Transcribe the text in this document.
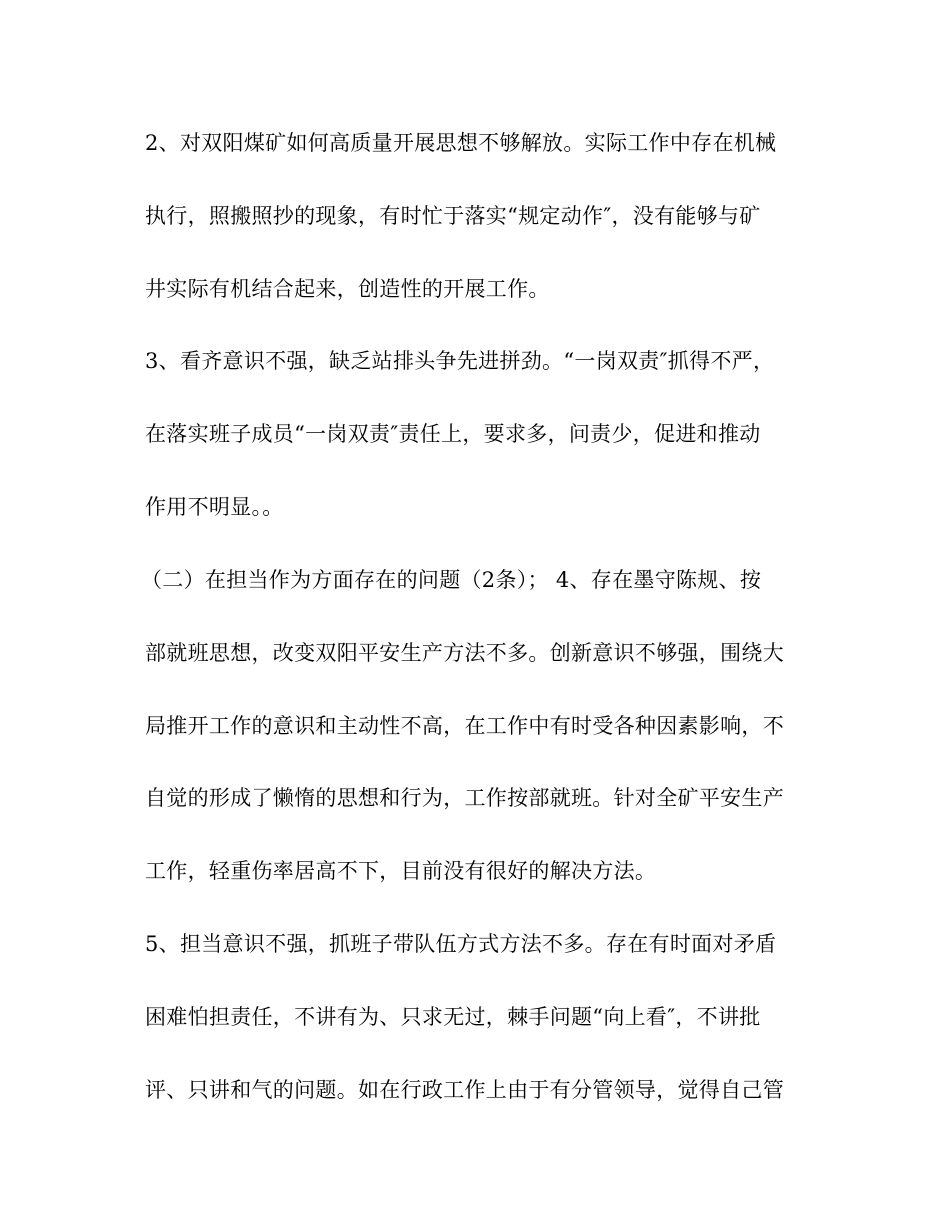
2、对双阳煤矿如何高质量开展思想不够解放。实际工作中存在机械
执行，照搬照抄的现象，有时忙于落实“规定动作″，没有能够与矿
井实际有机结合起来，创造性的开展工作。
3、看齐意识不强，缺乏站排头争先进拼劲。“一岗双责″抓得不严，
在落实班子成员“一岗双责″责任上，要求多，问责少，促进和推动
作用不明显。。
（二）在担当作为方面存在的问题（2条）； 4、存在墨守陈规、按
部就班思想，改变双阳平安生产方法不多。创新意识不够强，围绕大
局推开工作的意识和主动性不高，在工作中有时受各种因素影响，不
自觉的形成了懒惰的思想和行为，工作按部就班。针对全矿平安生产
工作，轻重伤率居高不下，目前没有很好的解决方法。
5、担当意识不强，抓班子带队伍方式方法不多。存在有时面对矛盾
困难怕担责任，不讲有为、只求无过，棘手问题“向上看″，不讲批
评、只讲和气的问题。如在行政工作上由于有分管领导，觉得自己管
